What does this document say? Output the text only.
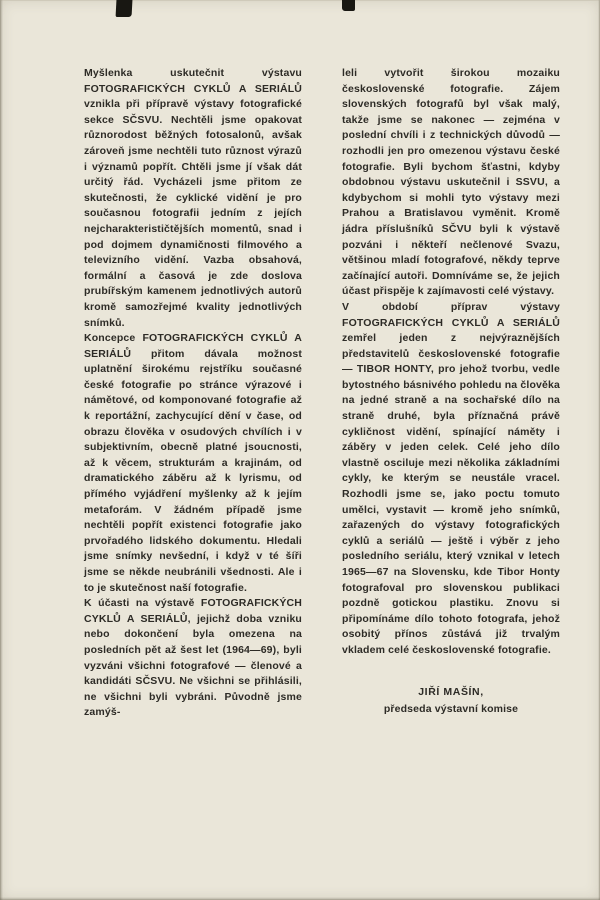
Myšlenka uskutečnit výstavu FOTOGRAFICKÝCH CYKLŮ A SERIÁLŮ vznikla při přípravě výstavy fotografické sekce SČSVU. Nechtěli jsme opakovat různorodost běžných fotosalonů, avšak zároveň jsme nechtěli tuto různost výrazů i významů popřít. Chtěli jsme jí však dát určitý řád. Vycházeli jsme přitom ze skutečnosti, že cyklické vidění je pro současnou fotografii jedním z jejích nejcharakterističtějších momentů, snad i pod dojmem dynamičnosti filmového a televizního vidění. Vazba obsahová, formální a časová je zde doslova prubířským kamenem jednotlivých autorů kromě samozřejmé kvality jednotlivých snímků.

Koncepce FOTOGRAFICKÝCH CYKLŮ A SERIÁLŮ přitom dávala možnost uplatnění širokému rejstříku současné české fotografie po stránce výrazové i námětové, od komponované fotografie až k reportážní, zachycující dění v čase, od obrazu člověka v osudových chvílích i v subjektivním, obecně platné jsoucnosti, až k věcem, strukturám a krajinám, od dramatického záběru až k lyrismu, od přímého vyjádření myšlenky až k jejím metaforám. V žádném případě jsme nechtěli popřít existenci fotografie jako prvořadého lidského dokumentu. Hledali jsme snímky nevšední, i když v té šíři jsme se někde neubránili všednosti. Ale i to je skutečnost naší fotografie.

K účasti na výstavě FOTOGRAFICKÝCH CYKLŮ A SERIÁLŮ, jejichž doba vzniku nebo dokončení byla omezena na posledních pět až šest let (1964—69), byli vyzváni všichni fotografové — členové a kandidáti SČSVU. Ne všichni se přihlásili, ne všichni byli vybráni. Původně jsme zamýš-

leli vytvořit širokou mozaiku československé fotografie. Zájem slovenských fotografů byl však malý, takže jsme se nakonec — zejména v poslední chvíli i z technických důvodů — rozhodli jen pro omezenou výstavu české fotografie. Byli bychom šťastni, kdyby obdobnou výstavu uskutečnil i SSVU, a kdybychom si mohli tyto výstavy mezi Prahou a Bratislavou vyměnit. Kromě jádra příslušníků SČVU byli k výstavě pozváni i někteří nečlenové Svazu, většinou mladí fotografové, někdy teprve začínající autoři. Domníváme se, že jejich účast přispěje k zajímavosti celé výstavy.

V období příprav výstavy FOTOGRAFICKÝCH CYKLŮ A SERIÁLŮ zemřel jeden z nejvýraznějších představitelů československé fotografie — TIBOR HONTY, pro jehož tvorbu, vedle bytostného básnivého pohledu na člověka na jedné straně a na sochařské dílo na straně druhé, byla příznačná právě cykličnost vidění, spínající náměty i záběry v jeden celek. Celé jeho dílo vlastně osciluje mezi několika základními cykly, ke kterým se neustále vracel. Rozhodli jsme se, jako poctu tomuto umělci, vystavit — kromě jeho snímků, zařazených do výstavy fotografických cyklů a seriálů — ještě i výběr z jeho posledního seriálu, který vznikal v letech 1965—67 na Slovensku, kde Tibor Honty fotografoval pro slovenskou publikaci pozdně gotickou plastiku. Znovu si připomínáme dílo tohoto fotografa, jehož osobitý přínos zůstává již trvalým vkladem celé československé fotografie.

JIŘÍ MAŠÍN,
předseda výstavní komise
